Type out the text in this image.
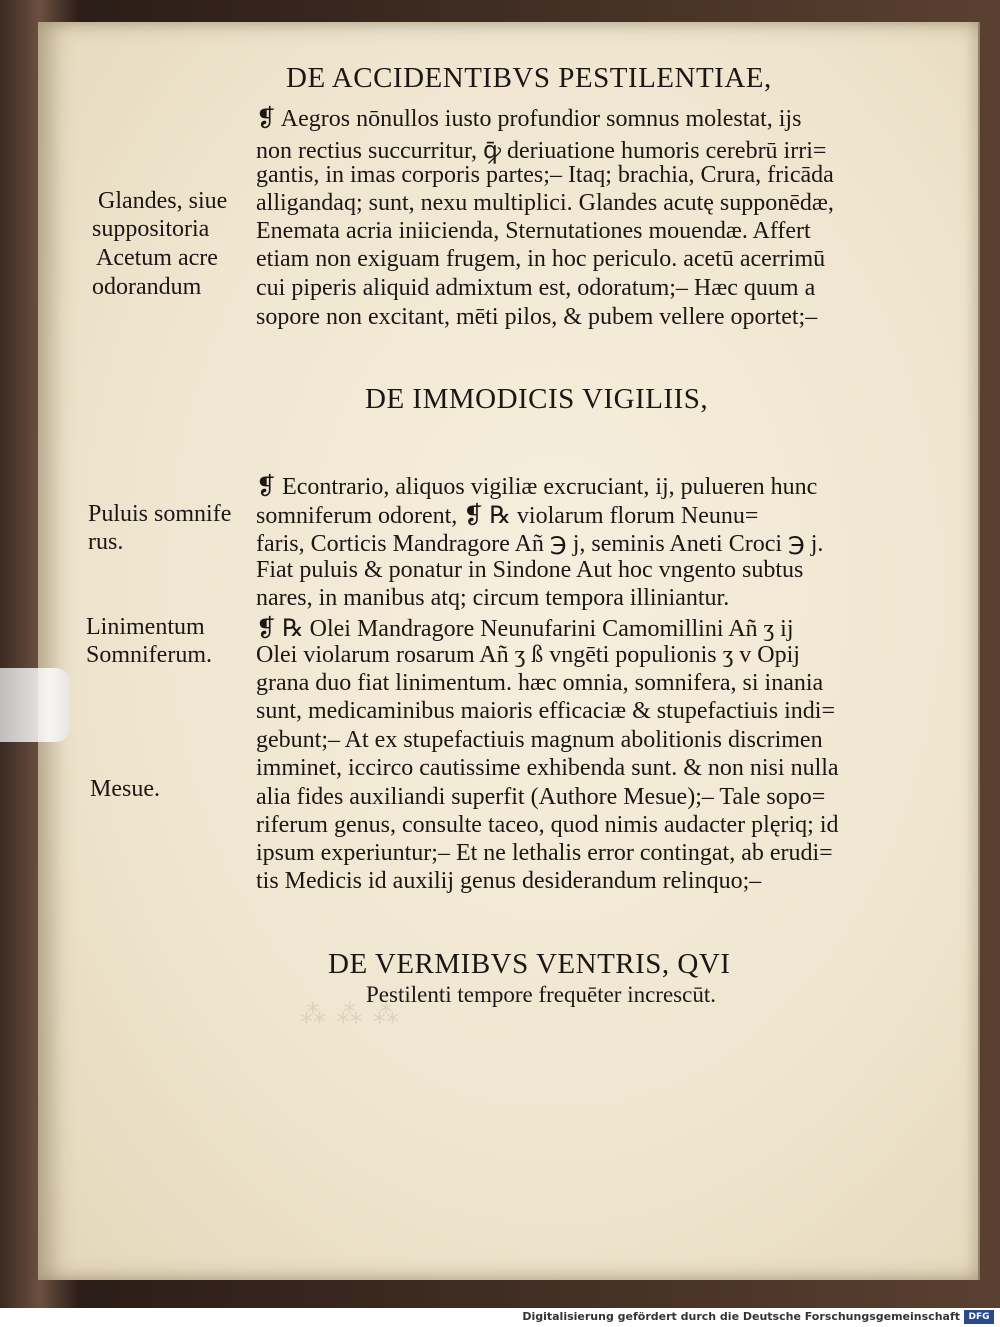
⁂ ⁂ ⁂
DE ACCIDENTIBVS PESTILENTIAE,
❡ Aegros nōnullos iusto profundior somnus molestat, ijs
non rectius succurritur, ꝙ̄ deriuatione humoris cerebrū irri=
gantis, in imas corporis partes;– Itaq; brachia, Crura, fricāda
alligandaq; sunt, nexu multiplici. Glandes acutę supponēdæ,
Enemata acria iniicienda, Sternutationes mouendæ. Affert
etiam non exiguam frugem, in hoc periculo. acetū acerrimū
cui piperis aliquid admixtum est, odoratum;– Hæc quum a
sopore non excitant, mēti pilos, & pubem vellere oportet;–
Glandes, siue
suppositoria
Acetum acre
odorandum
DE IMMODICIS VIGILIIS,
❡ Econtrario, aliquos vigiliæ excruciant, ij, pulueren hunc
somniferum odorent, ❡ ℞ violarum florum Neunu=
faris, Corticis Mandragore Añ ℈ j, seminis Aneti Croci ℈ j.
Fiat puluis & ponatur in Sindone Aut hoc vngento subtus
nares, in manibus atq; circum tempora illiniantur.
❡ ℞ Olei Mandragore Neunufarini Camomillini Añ ʒ ij
Olei violarum rosarum Añ ʒ ß vngēti populionis ʒ v Opij
grana duo fiat linimentum. hæc omnia, somnifera, si inania
sunt, medicaminibus maioris efficaciæ & stupefactiuis indi=
gebunt;– At ex stupefactiuis magnum abolitionis discrimen
imminet, iccirco cautissime exhibenda sunt. & non nisi nulla
alia fides auxiliandi superfit (Authore Mesue);– Tale sopo=
riferum genus, consulte taceo, quod nimis audacter plęriq; id
ipsum experiuntur;– Et ne lethalis error contingat, ab erudi=
tis Medicis id auxilij genus desiderandum relinquo;–
Puluis somnife
rus.
Linimentum
Somniferum.
Mesue.
DE VERMIBVS VENTRIS, QVI
Pestilenti tempore frequēter increscūt.
Digitalisierung gefördert durch die Deutsche Forschungsgemeinschaft DFG
